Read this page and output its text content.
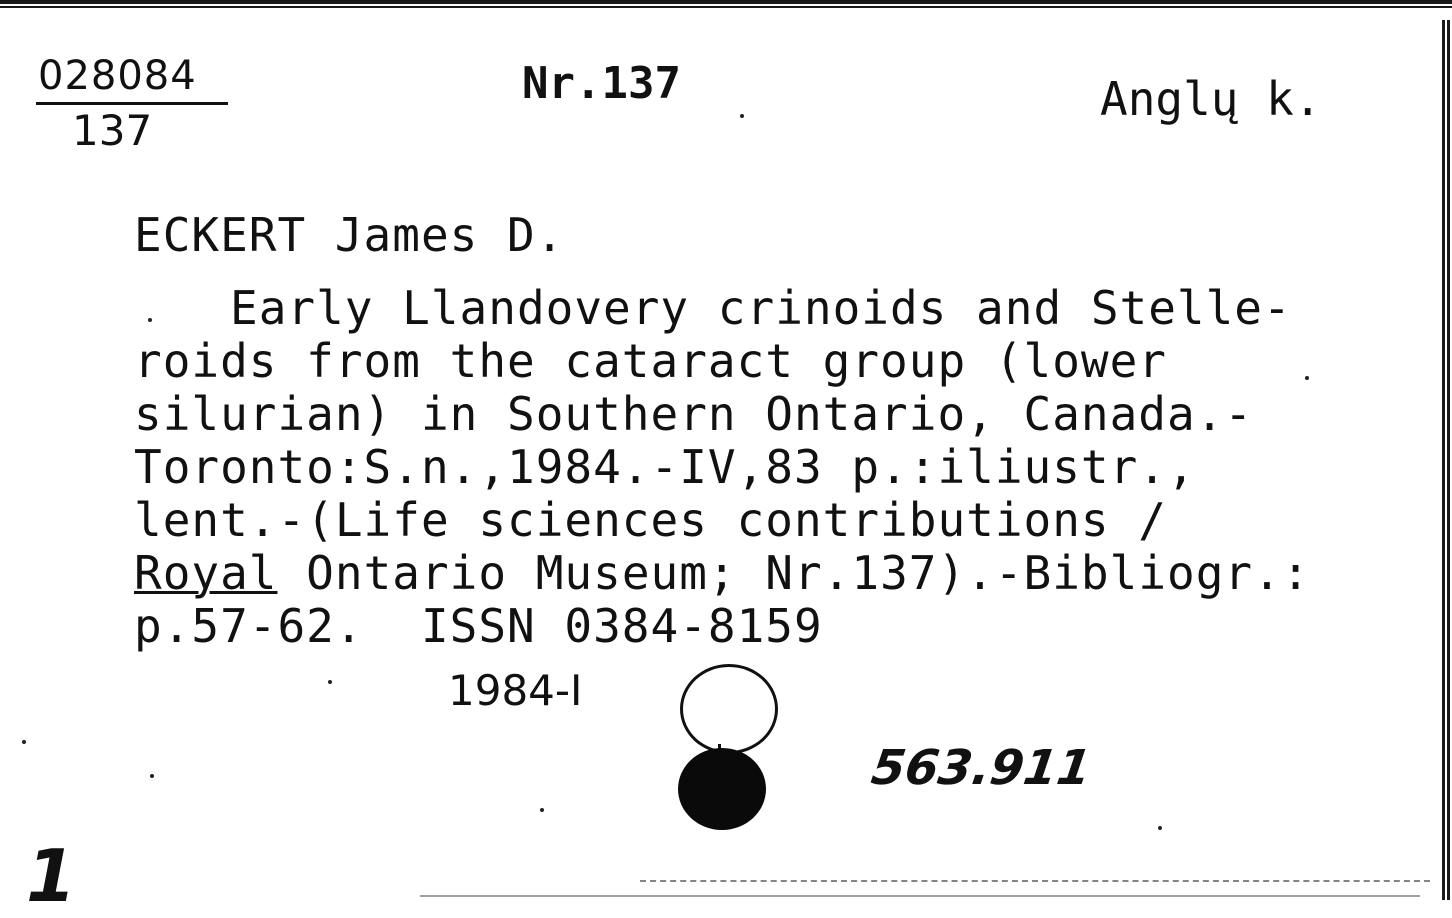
028084
137
Nr.137	Anglų k.
ECKERT James D.
Early Llandovery crinoids and Stelle-
roids from the cataract group (lower
silurian) in Southern Ontario, Canada.-
Toronto:S.n.,1984.-IV,83 p.:iliustr.,
lent.-(Life sciences contributions /
Royal Ontario Museum; Nr.137).-Bibliogr.:
p.57-62.  ISSN 0384-8159
1984-I
563.911
1
